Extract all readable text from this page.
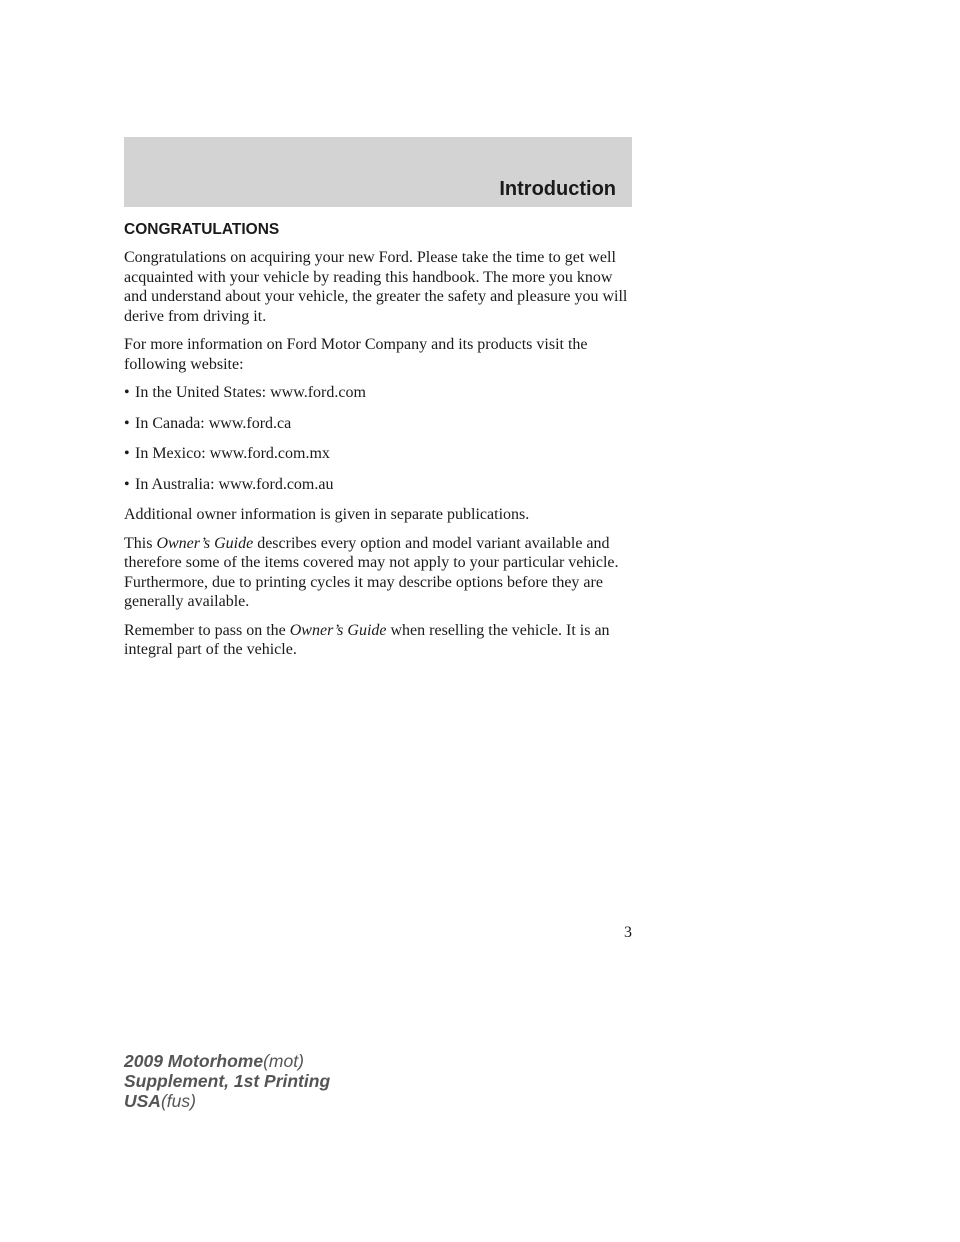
Introduction
CONGRATULATIONS

Congratulations on acquiring your new Ford. Please take the time to get well acquainted with your vehicle by reading this handbook. The more you know and understand about your vehicle, the greater the safety and pleasure you will derive from driving it.

For more information on Ford Motor Company and its products visit the following website:

• In the United States: www.ford.com
• In Canada: www.ford.ca
• In Mexico: www.ford.com.mx
• In Australia: www.ford.com.au

Additional owner information is given in separate publications.

This Owner’s Guide describes every option and model variant available and therefore some of the items covered may not apply to your particular vehicle. Furthermore, due to printing cycles it may describe options before they are generally available.

Remember to pass on the Owner’s Guide when reselling the vehicle. It is an integral part of the vehicle.

3
2009 Motorhome(mot)
Supplement, 1st Printing
USA(fus)
